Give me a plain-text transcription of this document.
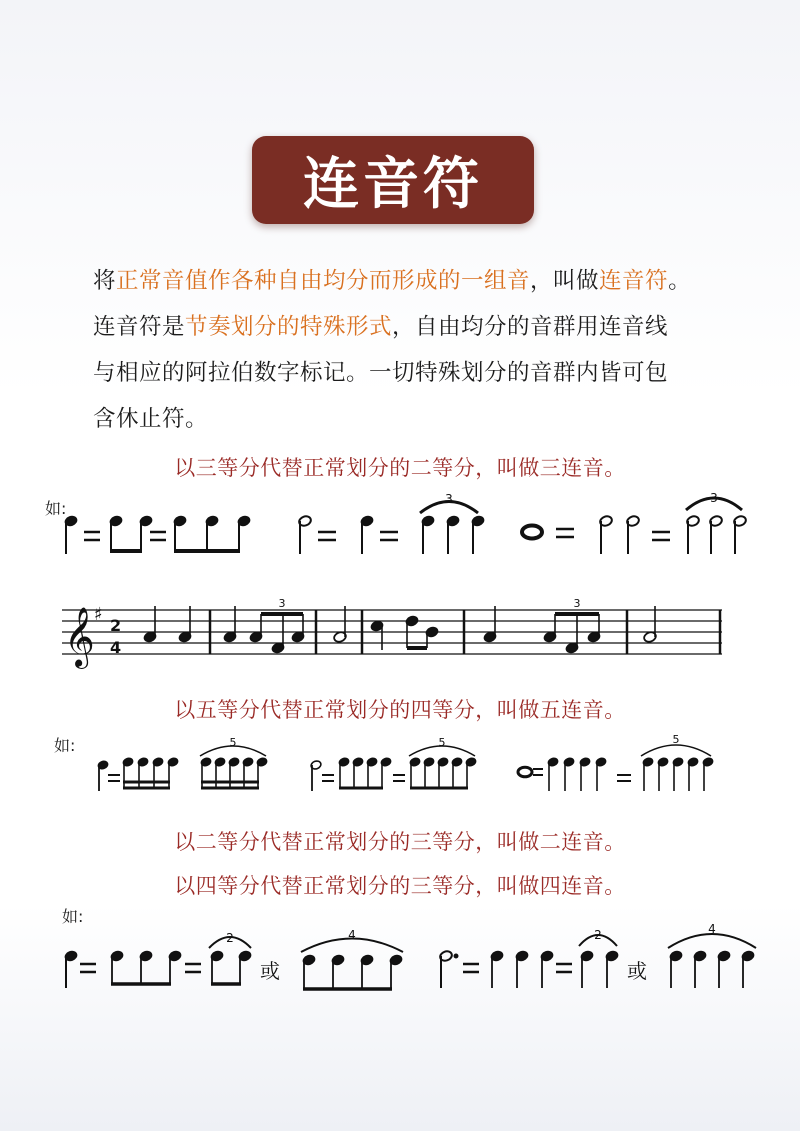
连音符
将正常音值作各种自由均分而形成的一组音，叫做连音符。
连音符是节奏划分的特殊形式，自由均分的音群用连音线
与相应的阿拉伯数字标记。一切特殊划分的音群内皆可包
含休止符。
以三等分代替正常划分的二等分，叫做三连音。
以五等分代替正常划分的四等分，叫做五连音。
以二等分代替正常划分的三等分，叫做二连音。
以四等分代替正常划分的三等分，叫做四连音。
如:
如:
如:
3	3
𝄞 ♯
2
4
3	3
5	5	5
2
或
4	2
或
4
